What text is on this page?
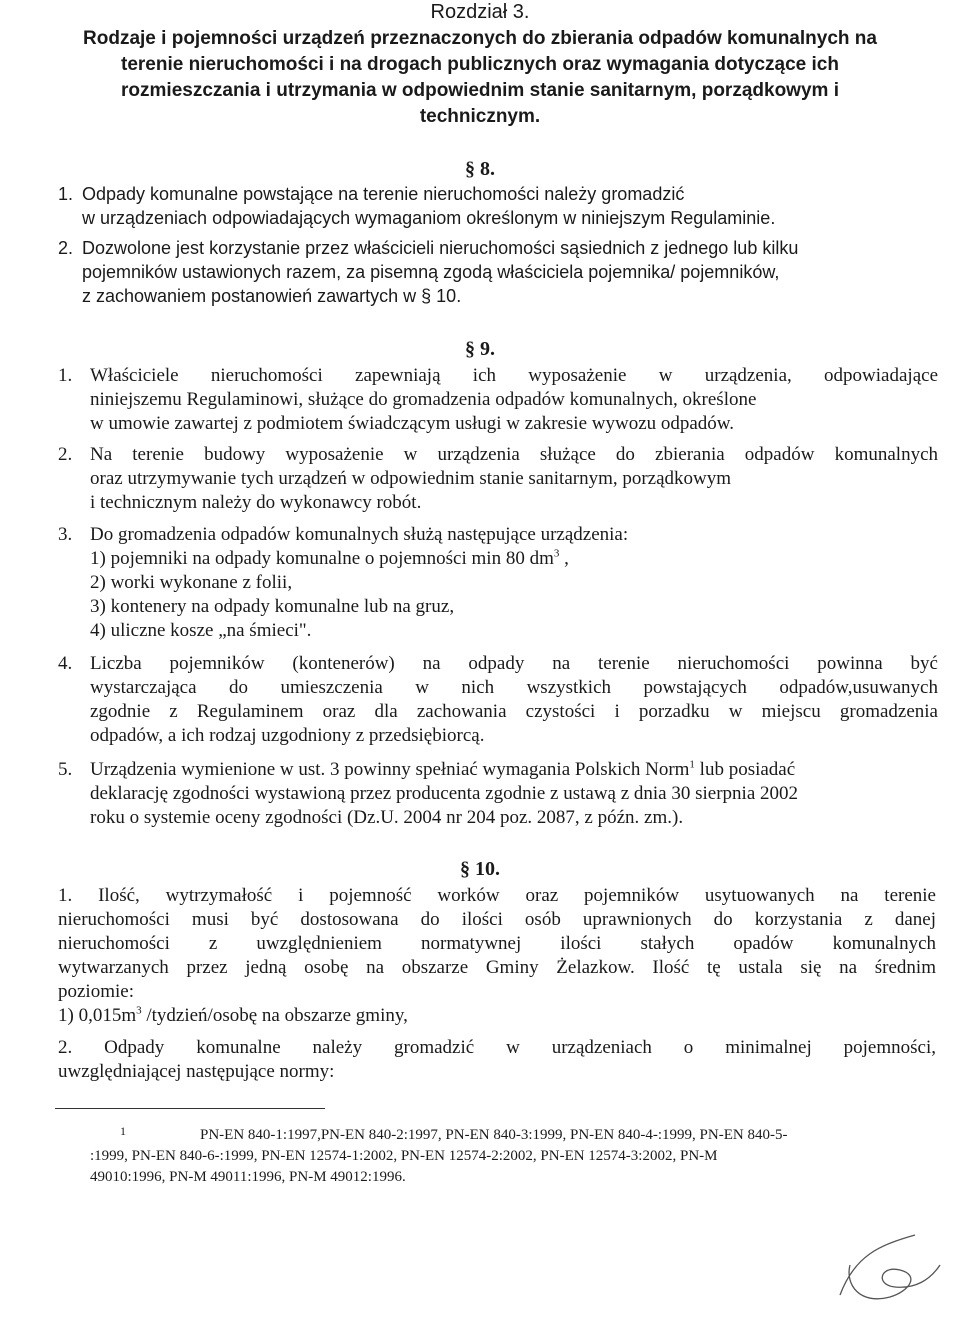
Rozdział 3.
Rodzaje i pojemności urządzeń przeznaczonych do zbierania odpadów komunalnych na
terenie nieruchomości i na drogach publicznych oraz wymagania dotyczące ich
rozmieszczania i utrzymania w odpowiednim stanie sanitarnym, porządkowym i
technicznym.
§ 8.
1. Odpady komunalne powstające na terenie nieruchomości należy gromadzić
w urządzeniach odpowiadających wymaganiom określonym w niniejszym Regulaminie.
2. Dozwolone jest korzystanie przez właścicieli nieruchomości sąsiednich z jednego lub kilku
pojemników ustawionych razem, za pisemną zgodą właściciela pojemnika/ pojemników,
z zachowaniem postanowień zawartych w § 10.
§ 9.
1. Właściciele nieruchomości zapewniają ich wyposażenie w urządzenia, odpowiadające
niniejszemu Regulaminowi, służące do gromadzenia odpadów komunalnych, określone
w umowie zawartej z podmiotem świadczącym usługi w zakresie wywozu odpadów.
2. Na terenie budowy wyposażenie w urządzenia służące do zbierania odpadów komunalnych
oraz utrzymywanie tych urządzeń w odpowiednim stanie sanitarnym, porządkowym
i technicznym należy do wykonawcy robót.
3. Do gromadzenia odpadów komunalnych służą następujące urządzenia:
1) pojemniki na odpady komunalne o pojemności min 80 $dm^3$ ,
2) worki wykonane z folii,
3) kontenery na odpady komunalne lub na gruz,
4) uliczne kosze „na śmieci".
4. Liczba pojemników (kontenerów) na odpady na terenie nieruchomości powinna być
wystarczająca do umieszczenia w nich wszystkich powstających odpadów,usuwanych
zgodnie z Regulaminem oraz dla zachowania czystości i porzadku w miejscu gromadzenia
odpadów, a ich rodzaj uzgodniony z przedsiębiorcą.
5. Urządzenia wymienione w ust. 3 powinny spełniać wymagania Polskich Norm$^1$ lub posiadać
deklarację zgodności wystawioną przez producenta zgodnie z ustawą z dnia 30 sierpnia 2002
roku o systemie oceny zgodności (Dz.U. 2004 nr 204 poz. 2087, z późn. zm.).
§ 10.
1. Ilość, wytrzymałość i pojemność worków oraz pojemników usytuowanych na terenie
nieruchomości musi być dostosowana do ilości osób uprawnionych do korzystania z danej
nieruchomości z uwzględnieniem normatywnej ilości stałych opadów komunalnych
wytwarzanych przez jedną osobę na obszarze Gminy Żelazkow. Ilość tę ustala się na średnim
poziomie:
1) $0,015m^3$ /tydzień/osobę na obszarze gminy,
2. Odpady komunalne należy gromadzić w urządzeniach o minimalnej pojemności,
uwzględniającej następujące normy:
1	PN-EN 840-1:1997,PN-EN 840-2:1997, PN-EN 840-3:1999, PN-EN 840-4-:1999, PN-EN 840-5-
:1999, PN-EN 840-6-:1999, PN-EN 12574-1:2002, PN-EN 12574-2:2002, PN-EN 12574-3:2002, PN-M
49010:1996, PN-M 49011:1996, PN-M 49012:1996.
